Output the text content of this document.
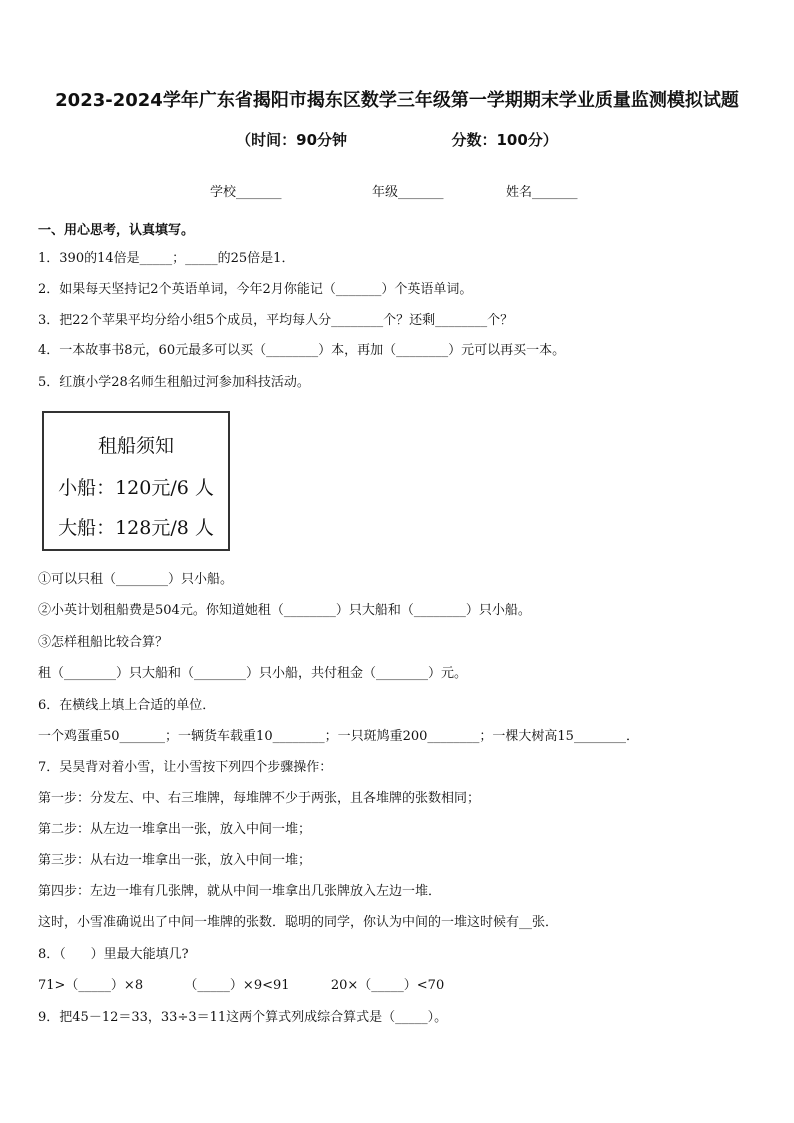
2023-2024学年广东省揭阳市揭东区数学三年级第一学期期末学业质量监测模拟试题
（时间：90分钟                    分数：100分）
学校_______	年级_______	姓名_______
一、用心思考，认真填写。
1．390的14倍是_____；_____的25倍是1．
2．如果每天坚持记2个英语单词，今年2月你能记（_______）个英语单词。
3．把22个苹果平均分给小组5个成员，平均每人分________个？还剩________个？
4．一本故事书8元，60元最多可以买（________）本，再加（________）元可以再买一本。
5．红旗小学28名师生租船过河参加科技活动。
租船须知
小船：120元/6 人
大船：128元/8 人
①可以只租（________）只小船。
②小英计划租船费是504元。你知道她租（________）只大船和（________）只小船。
③怎样租船比较合算？
租（________）只大船和（________）只小船，共付租金（________）元。
6．在横线上填上合适的单位．
一个鸡蛋重50_______；一辆货车载重10________；一只斑鸠重200________；一棵大树高15________．
7．吴昊背对着小雪，让小雪按下列四个步骤操作：
第一步：分发左、中、右三堆牌，每堆牌不少于两张，且各堆牌的张数相同；
第二步：从左边一堆拿出一张，放入中间一堆；
第三步：从右边一堆拿出一张，放入中间一堆；
第四步：左边一堆有几张牌，就从中间一堆拿出几张牌放入左边一堆．
这时，小雪准确说出了中间一堆牌的张数．聪明的同学，你认为中间的一堆这时候有__张．
8．（      ）里最大能填几?
71>（_____）×8          （_____）×9<91          20×（_____）<70
9．把45－12＝33，33÷3＝11这两个算式列成综合算式是（_____）。
